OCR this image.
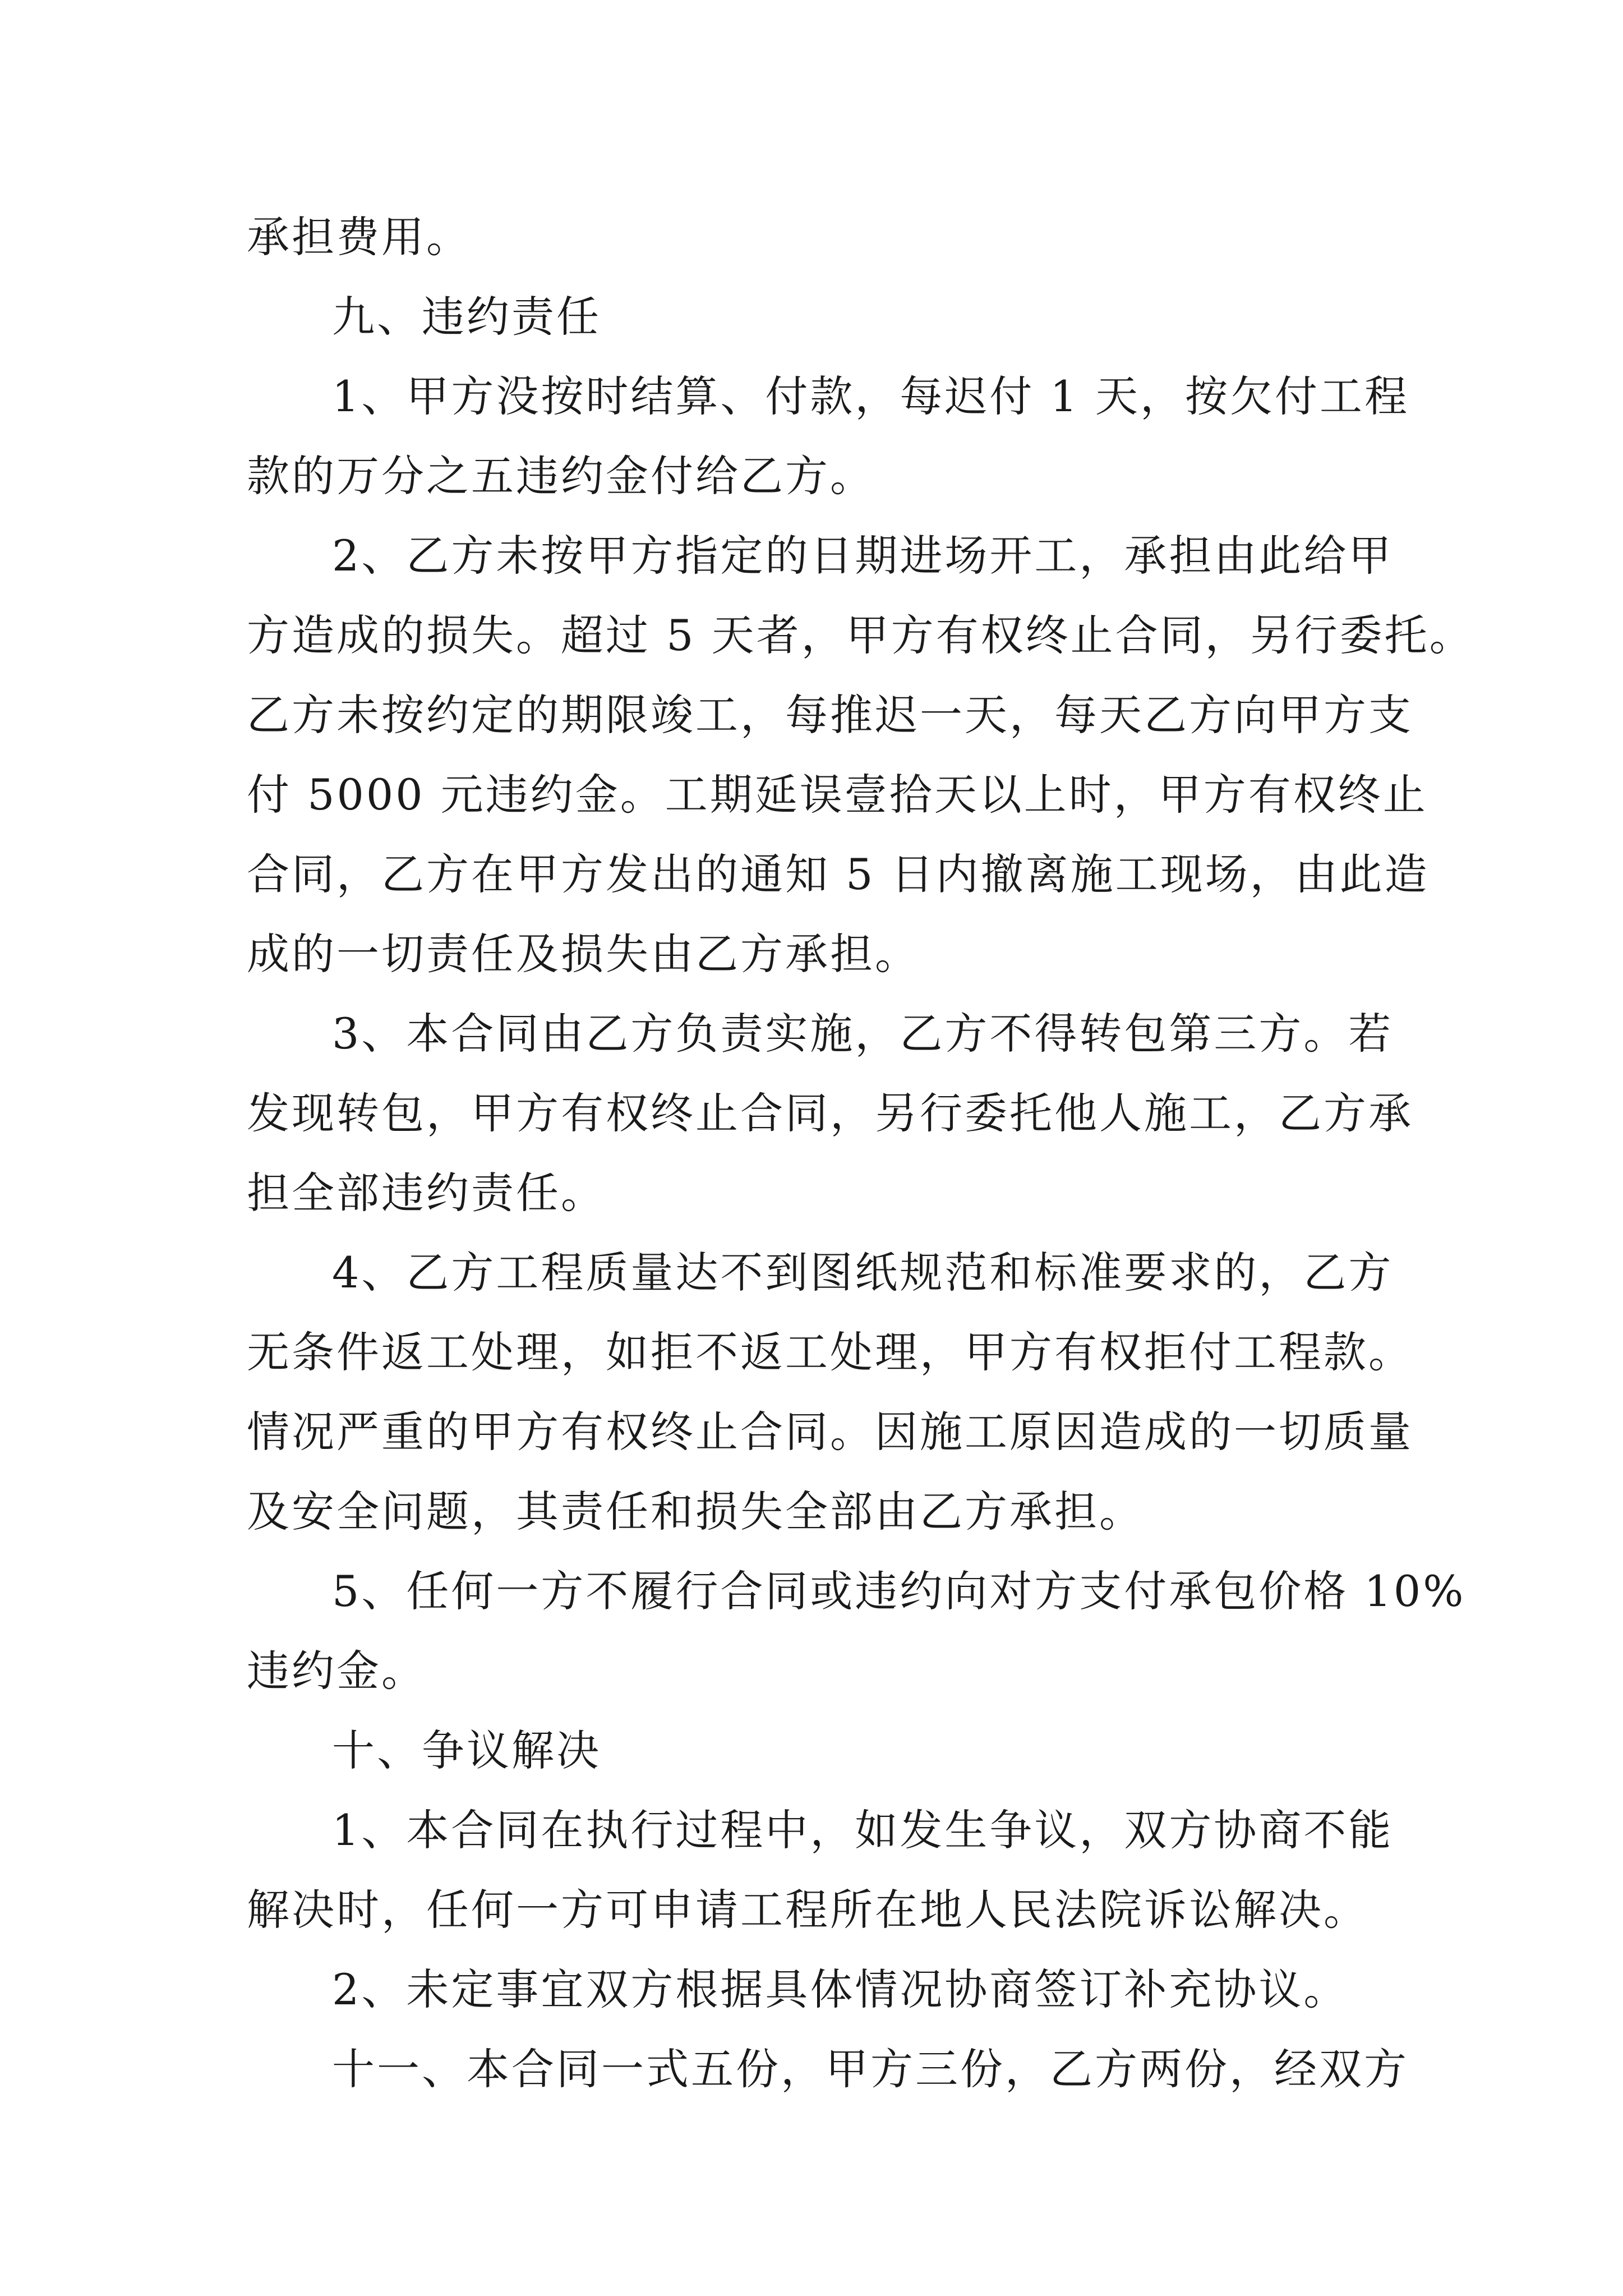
承担费用。
九、违约责任
1、甲方没按时结算、付款，每迟付 1 天，按欠付工程
款的万分之五违约金付给乙方。
2、乙方未按甲方指定的日期进场开工，承担由此给甲
方造成的损失。超过 5 天者，甲方有权终止合同，另行委托。
乙方未按约定的期限竣工，每推迟一天，每天乙方向甲方支
付 5000 元违约金。工期延误壹拾天以上时，甲方有权终止
合同，乙方在甲方发出的通知 5 日内撤离施工现场，由此造
成的一切责任及损失由乙方承担。
3、本合同由乙方负责实施，乙方不得转包第三方。若
发现转包，甲方有权终止合同，另行委托他人施工，乙方承
担全部违约责任。
4、乙方工程质量达不到图纸规范和标准要求的，乙方
无条件返工处理，如拒不返工处理，甲方有权拒付工程款。
情况严重的甲方有权终止合同。因施工原因造成的一切质量
及安全问题，其责任和损失全部由乙方承担。
5、任何一方不履行合同或违约向对方支付承包价格 10%
违约金。
十、争议解决
1、本合同在执行过程中，如发生争议，双方协商不能
解决时，任何一方可申请工程所在地人民法院诉讼解决。
2、未定事宜双方根据具体情况协商签订补充协议。
十一、本合同一式五份，甲方三份，乙方两份，经双方
